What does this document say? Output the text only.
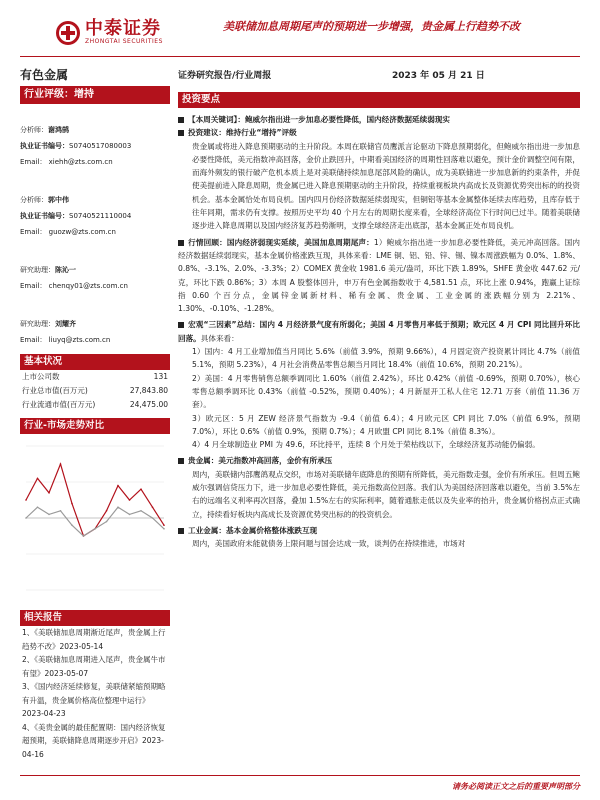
中泰证券
ZHONGTAI SECURITIES
美联储加息周期尾声的预期进一步增强，贵金属上行趋势不改
有色金属	证券研究报告/行业周报	2023 年 05 月 21 日
行业评级：增持
分析师：谢鸿鹄
执业证书编号：S0740517080003
Email： xiehh@zts.com.cn
分析师：郭中伟
执业证书编号：S0740521110004
Email： guozw@zts.com.cn
研究助理：陈沁一
Email： chenqy01@zts.com.cn
研究助理：刘耀齐
Email： liuyq@zts.com.cn
基本状况
上市公司数	131
行业总市值(百万元)	27,843.80
行业流通市值(百万元)	24,475.00
行业-市场走势对比
相关报告
1、《美联储加息周期渐近尾声，贵金属上行趋势不改》2023-05-14
2、《美联储加息周期进入尾声，贵金属牛市有望》2023-05-07
3、《国内经济延续修复，美联储紧缩预期略有升温，贵金属价格高位整理中运行》2023-04-23
4、《美贵金属的最佳配置期：国内经济恢复超预期，美联储降息周期逐步开启》2023-04-16
投资要点
【本周关键词】：鲍威尔指出进一步加息必要性降低，国内经济数据延续弱现实
投资建议：维持行业“增持”评级
贵金属或将进入降息预期驱动的主升阶段。本周在联储官员鹰派言论驱动下降息预期弱化，但鲍威尔指出进一步加息必要性降低，美元指数冲高回落，金价止跌回升，中期看美国经济的周期性回落难以避免，预计金价调整空间有限，而海外频发的银行破产危机本质上是对美联储持续加息尾部风险的确认，成为美联储进一步加息新的约束条件，并促使美提前进入降息周期，贵金属已进入降息预期驱动的主升阶段，持续重视板块内高成长及资源优势突出标的的投资机会。基本金属恰处布局良机。国内四月份经济数据延续弱现实，但铜铝等基本金属整体延续去库趋势，且库存低于往年同期，需求仍有支撑。按照历史平均 40 个月左右的周期长度来看，全球经济高位下行时间已过半。随着美联储逐步进入降息周期以及国内经济复苏趋势渐明，支撑全球经济走出底部，基本金属正处布局良机。
行情回顾：国内经济弱现实延续，美国加息周期尾声：1）鲍威尔指出进一步加息必要性降低，美元冲高回落。国内经济数据延续弱现实，基本金属价格涨跌互现，具体来看：LME 铜、铝、铅、锌、锡、镍本周涨跌幅为 0.0%、1.8%、0.8%、-3.1%、2.0%、-3.3%；2）COMEX 黄金收 1981.6 美元/盎司，环比下跌 1.89%，SHFE 黄金收 447.62 元/克，环比下跌 0.86%；3）本周 A 股整体回升，申万有色金属指数收于 4,581.51 点，环比上涨 0.94%，跑赢上证综指 0.60 个百分点，金属锌金属新材料、稀有金属、贵金属、工业金属的涨跌幅分别为 2.21%、1.30%、-0.10%、-1.28%。
宏观“三因素”总结：国内 4 月经济景气度有所弱化；美国 4 月零售月率低于预期；欧元区 4 月 CPI 同比回升环比回落。具体来看：
1）国内：4 月工业增加值当月同比 5.6%（前值 3.9%，预期 9.66%），4 月固定资产投资累计同比 4.7%（前值 5.1%，预期 5.23%），4 月社会消费品零售总额当月同比 18.4%（前值 10.6%，预期 20.21%）。
2）美国：4 月零售销售总额季调同比 1.60%（前值 2.42%），环比 0.42%（前值 -0.69%，预期 0.70%），核心零售总额季调环比 0.43%（前值 -0.52%，预期 0.40%）；4 月新屋开工私人住宅 12.71 万套（前值 11.36 万套）。
3）欧元区：5 月 ZEW 经济景气指数为 -9.4（前值 6.4）；4 月欧元区 CPI 同比 7.0%（前值 6.9%，预期 7.0%），环比 0.6%（前值 0.9%，预期 0.7%）；4 月欧盟 CPI 同比 8.1%（前值 8.3%）。
4）4 月全球制造业 PMI 为 49.6，环比持平，连续 8 个月处于荣枯线以下，全球经济复苏动能仍偏弱。
贵金属：美元指数冲高回落，金价有所承压
周内，美联储内部鹰鸽观点交织，市场对美联储年底降息的预期有所降低，美元指数走强，金价有所承压。但周五鲍威尔强调信贷压力下，进一步加息必要性降低，美元指数高位回落。我们认为美国经济回落难以避免，当前 3.5%左右的远端名义利率再次回落，叠加 1.5%左右的实际利率，随着通胀走低以及失业率的抬升，贵金属价格拐点正式确立，持续看好板块内高成长及资源优势突出标的的投资机会。
工业金属：基本金属价格整体涨跌互现
周内，美国政府未能就债务上限问题与国会达成一致，谈判仍在持续推进，市场对
请务必阅读正文之后的重要声明部分
